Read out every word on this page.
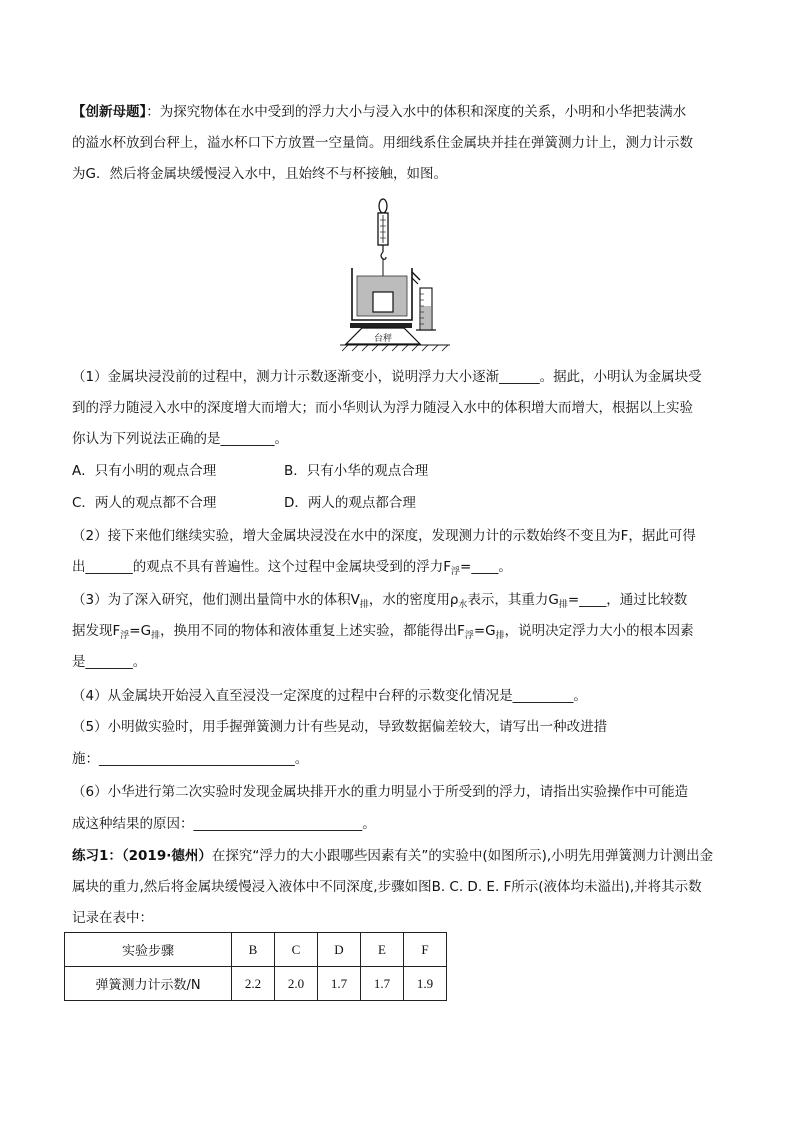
【创新母题】：为探究物体在水中受到的浮力大小与浸入水中的体积和深度的关系，小明和小华把装满水

的溢水杯放到台秤上，溢水杯口下方放置一空量筒。用细线系住金属块并挂在弹簧测力计上，测力计示数

为G．然后将金属块缓慢浸入水中，且始终不与杯接触，如图。

台秤

（1）金属块浸没前的过程中，测力计示数逐渐变小，说明浮力大小逐渐______。据此，小明认为金属块受

到的浮力随浸入水中的深度增大而增大；而小华则认为浮力随浸入水中的体积增大而增大，根据以上实验

你认为下列说法正确的是________。

A．只有小明的观点合理	B．只有小华的观点合理
C．两人的观点都不合理	D．两人的观点都合理

（2）接下来他们继续实验，增大金属块浸没在水中的深度，发现测力计的示数始终不变且为F，据此可得

出_______的观点不具有普遍性。这个过程中金属块受到的浮力$F_浮=\_\_\_\_$。

（3）为了深入研究，他们测出量筒中水的体积$V_排$，水的密度用$\rho_水$表示，其重力$G_排=\_\_\_\_$，通过比较数

据发现$F_浮=G_排$，换用不同的物体和液体重复上述实验，都能得出$F_浮=G_排$，说明决定浮力大小的根本因素

是_______。

（4）从金属块开始浸入直至浸没一定深度的过程中台秤的示数变化情况是_________。

（5）小明做实验时，用手握弹簧测力计有些晃动，导致数据偏差较大，请写出一种改进措

施：_____________________________。

（6）小华进行第二次实验时发现金属块排开水的重力明显小于所受到的浮力，请指出实验操作中可能造

成这种结果的原因：_________________________。

练习1：（2019·德州）在探究“浮力的大小跟哪些因素有关”的实验中(如图所示),小明先用弹簧测力计测出金

属块的重力,然后将金属块缓慢浸入液体中不同深度,步骤如图B. C. D. E. F所示(液体均未溢出),并将其示数

记录在表中：

实验步骤	B	C	D	E	F
弹簧测力计示数/N	2.2	2.0	1.7	1.7	1.9
